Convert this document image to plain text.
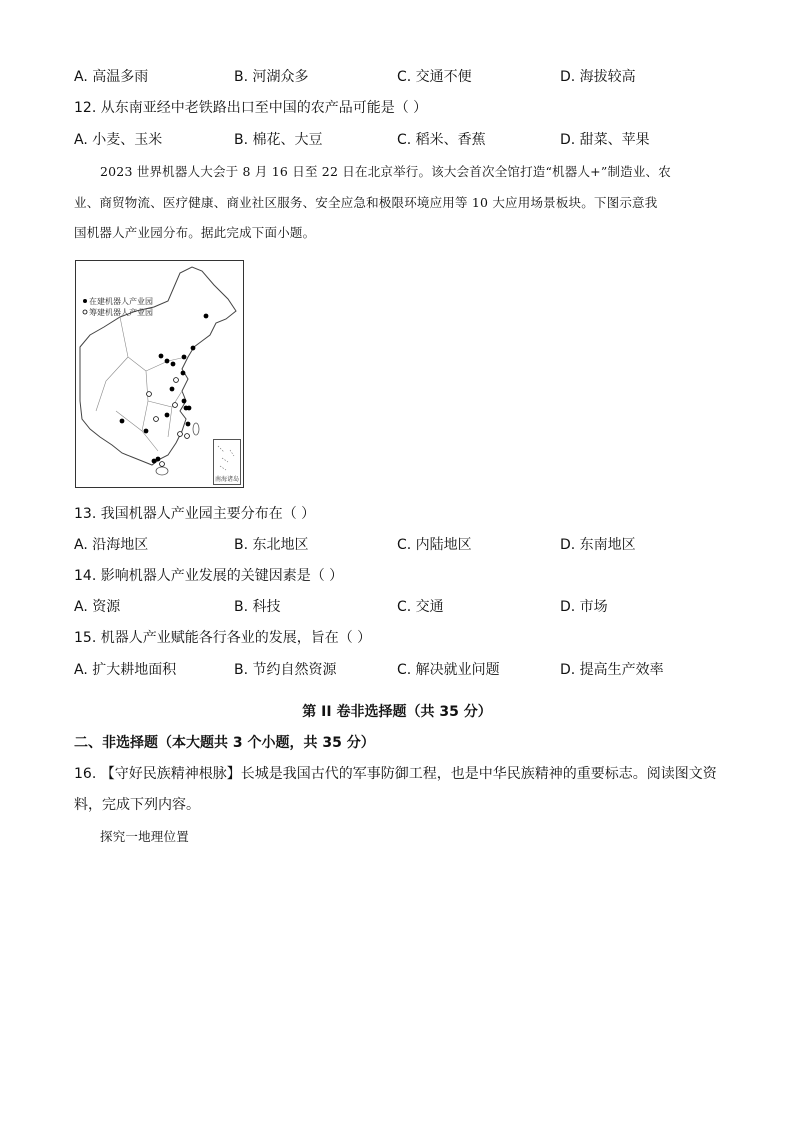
A. 高温多雨	B. 河湖众多	C. 交通不便	D. 海拔较高
12. 从东南亚经中老铁路出口至中国的农产品可能是（ ）
A. 小麦、玉米	B. 棉花、大豆	C. 稻米、香蕉	D. 甜菜、苹果
2023 世界机器人大会于 8 月 16 日至 22 日在北京举行。该大会首次全馆打造“机器人+”制造业、农
业、商贸物流、医疗健康、商业社区服务、安全应急和极限环境应用等 10 大应用场景板块。下图示意我
国机器人产业园分布。据此完成下面小题。
在建机器人产业园
筹建机器人产业园
南海诸岛
13. 我国机器人产业园主要分布在（ ）
A. 沿海地区	B. 东北地区	C. 内陆地区	D. 东南地区
14. 影响机器人产业发展的关键因素是（ ）
A. 资源	B. 科技	C. 交通	D. 市场
15. 机器人产业赋能各行各业的发展，旨在（ ）
A. 扩大耕地面积	B. 节约自然资源	C. 解决就业问题	D. 提高生产效率
第 II 卷非选择题（共 35 分）
二、非选择题（本大题共 3 个小题，共 35 分）
16. 【守好民族精神根脉】长城是我国古代的军事防御工程，也是中华民族精神的重要标志。阅读图文资
料，完成下列内容。
探究一地理位置
